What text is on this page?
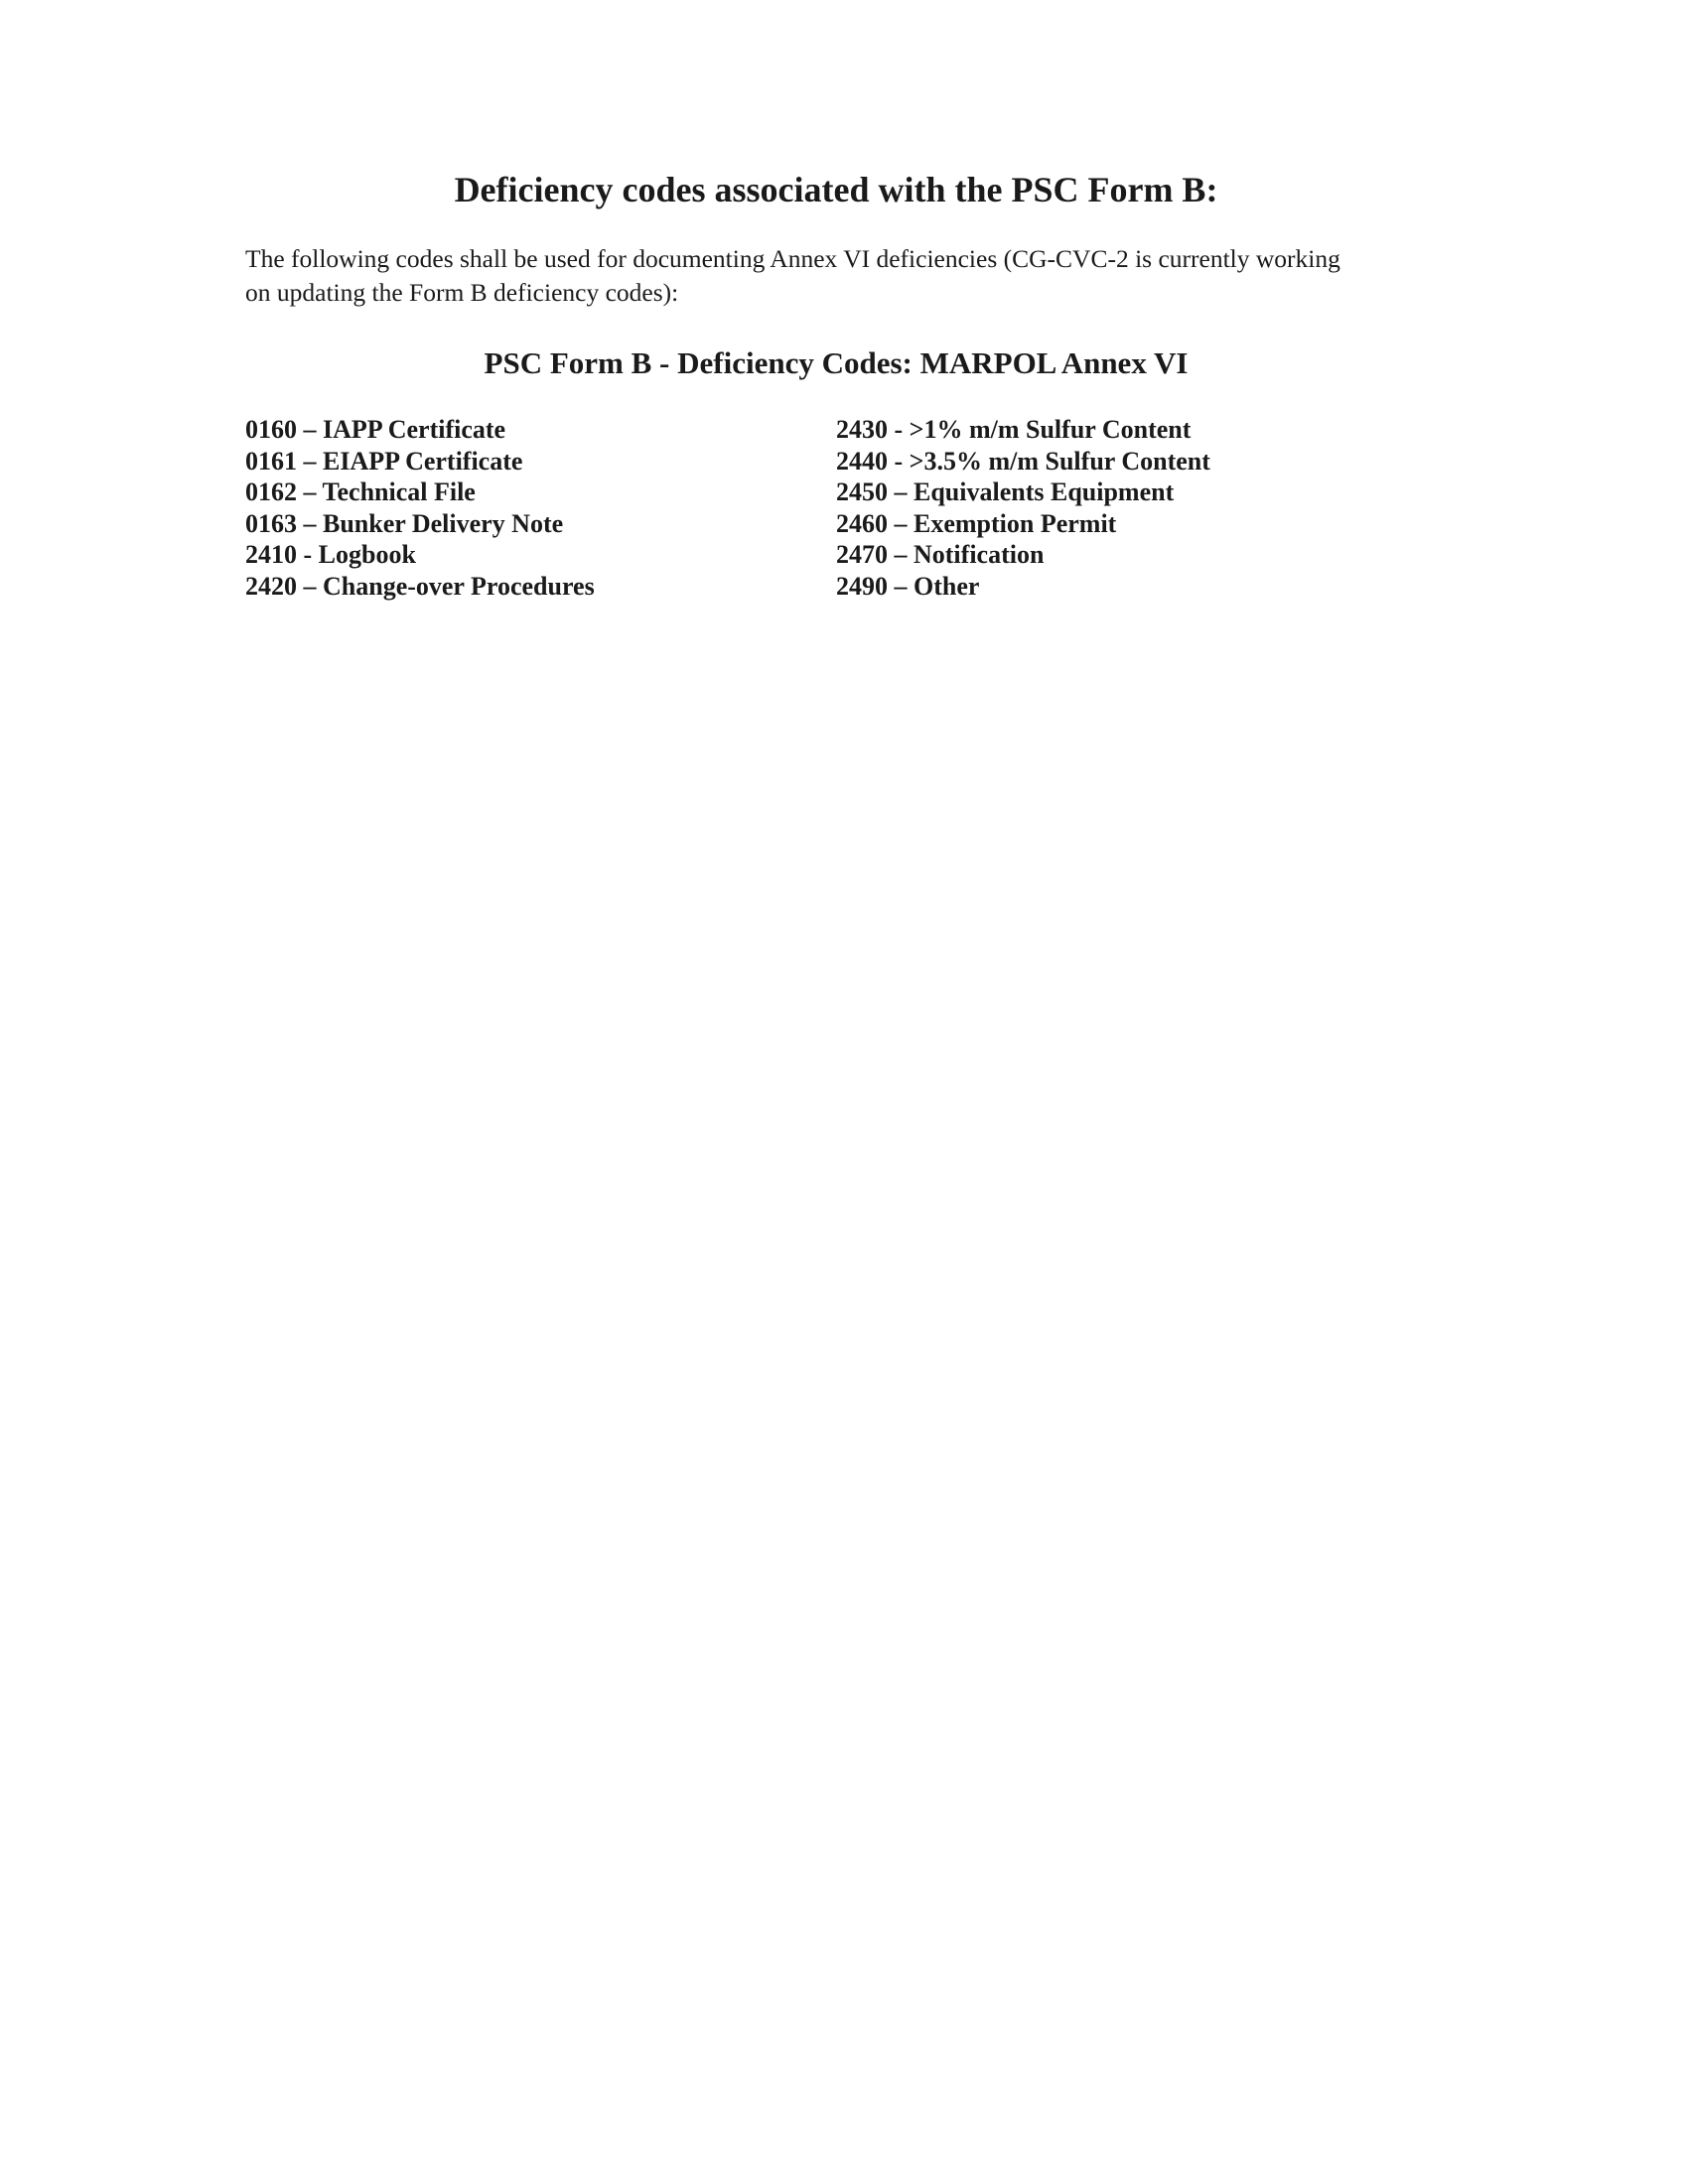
Deficiency codes associated with the PSC Form B:

The following codes shall be used for documenting Annex VI deficiencies (CG-CVC-2 is currently working on updating the Form B deficiency codes):

PSC Form B - Deficiency Codes: MARPOL Annex VI
0160 – IAPP Certificate
0161 – EIAPP Certificate
0162 – Technical File
0163 – Bunker Delivery Note
2410 - Logbook
2420 – Change-over Procedures
2430 - >1% m/m Sulfur Content
2440 - >3.5% m/m Sulfur Content
2450 – Equivalents Equipment
2460 – Exemption Permit
2470 – Notification
2490 – Other
